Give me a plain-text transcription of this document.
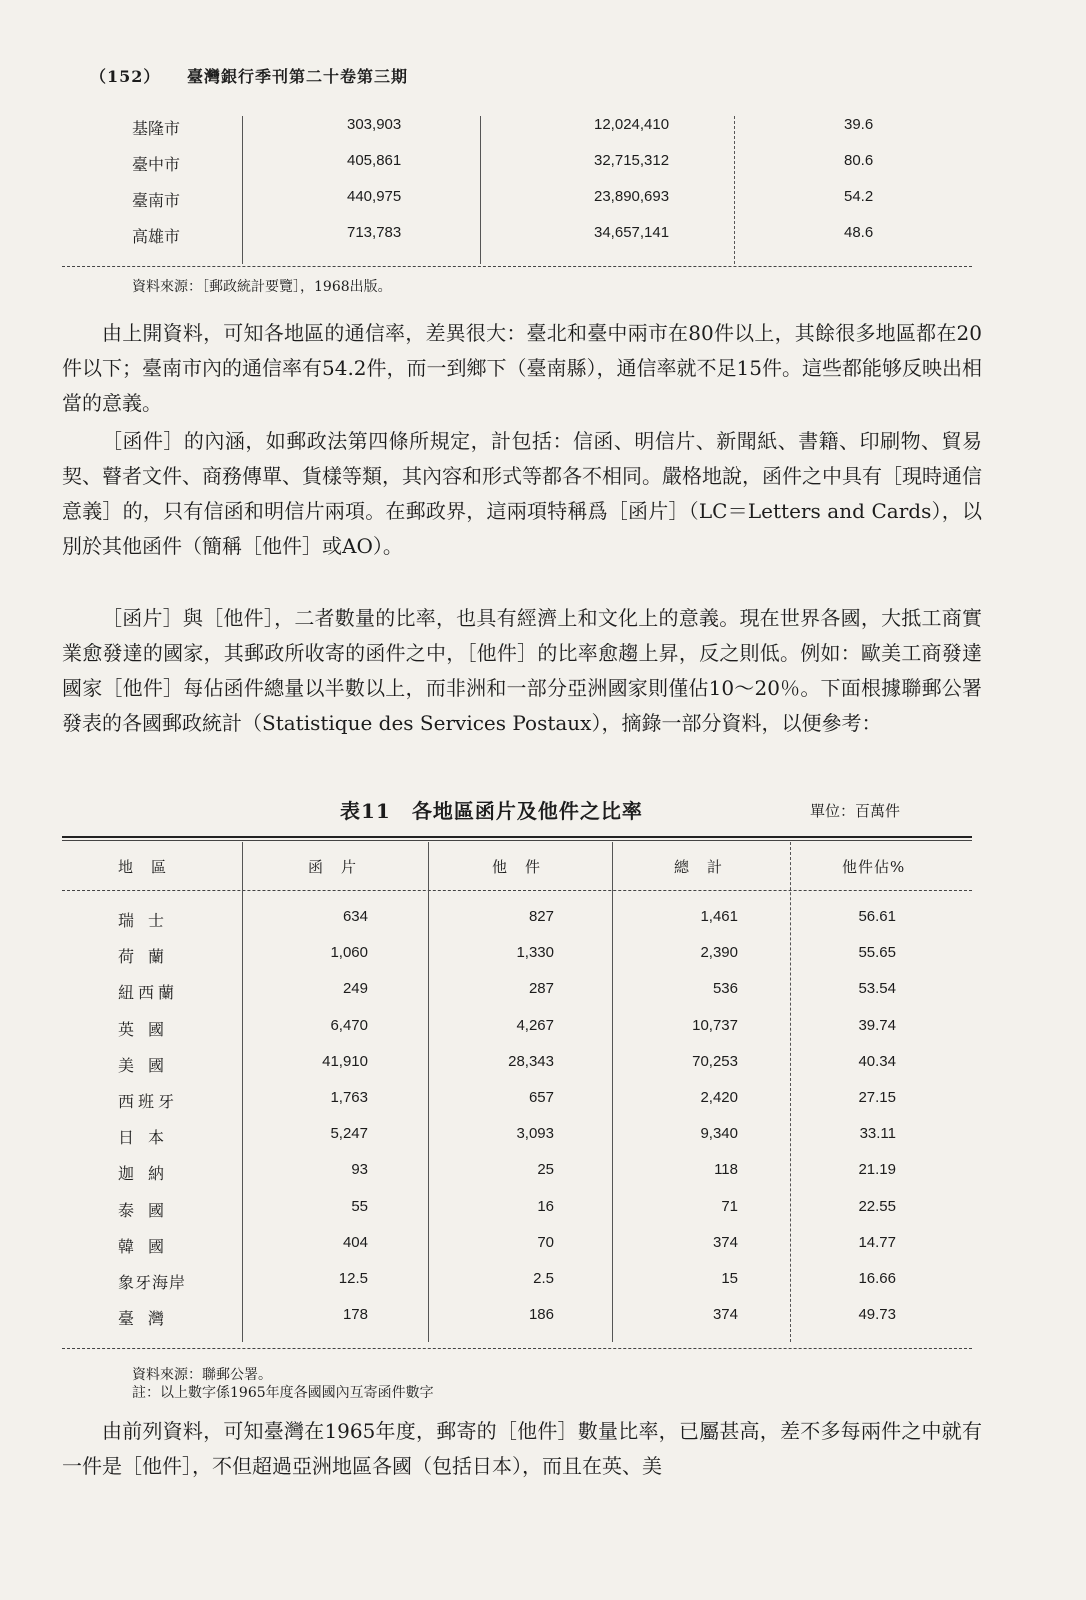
（152） 臺灣銀行季刊第二十卷第三期
基隆市	303,903	12,024,410	39.6
臺中市	405,861	32,715,312	80.6
臺南市	440,975	23,890,693	54.2
高雄市	713,783	34,657,141	48.6
資料來源：［郵政統計要覽］，1968出版。

由上開資料，可知各地區的通信率，差異很大：臺北和臺中兩市在80件以上，其餘很多地區都在20件以下；臺南市內的通信率有54.2件，而一到鄉下（臺南縣），通信率就不足15件。這些都能够反映出相當的意義。

［函件］的內涵，如郵政法第四條所規定，計包括：信函、明信片、新聞紙、書籍、印刷物、貿易契、瞽者文件、商務傳單、貨樣等類，其內容和形式等都各不相同。嚴格地說，函件之中具有［現時通信意義］的，只有信函和明信片兩項。在郵政界，這兩項特稱爲［函片］（LC＝Letters and Cards），以別於其他函件（簡稱［他件］或AO）。

［函片］與［他件］，二者數量的比率，也具有經濟上和文化上的意義。現在世界各國，大抵工商實業愈發達的國家，其郵政所收寄的函件之中，［他件］的比率愈趨上昇，反之則低。例如：歐美工商發達國家［他件］每佔函件總量以半數以上，而非洲和一部分亞洲國家則僅佔10～20％。下面根據聯郵公署發表的各國郵政統計（Statistique des Services Postaux），摘錄一部分資料，以便參考：

表11　各地區函片及他件之比率	單位：百萬件
地區	函片	他件	總計	他件佔%
瑞士	634	827	1,461	56.61
荷蘭	1,060	1,330	2,390	55.65
紐西蘭	249	287	536	53.54
英國	6,470	4,267	10,737	39.74
美國	41,910	28,343	70,253	40.34
西班牙	1,763	657	2,420	27.15
日本	5,247	3,093	9,340	33.11
迦納	93	25	118	21.19
泰國	55	16	71	22.55
韓國	404	70	374	14.77
象牙海岸	12.5	2.5	15	16.66
臺灣	178	186	374	49.73

資料來源：聯郵公署。

註：以上數字係1965年度各國國內互寄函件數字

由前列資料，可知臺灣在1965年度，郵寄的［他件］數量比率，已屬甚高，差不多每兩件之中就有一件是［他件］，不但超過亞洲地區各國（包括日本），而且在英、美
